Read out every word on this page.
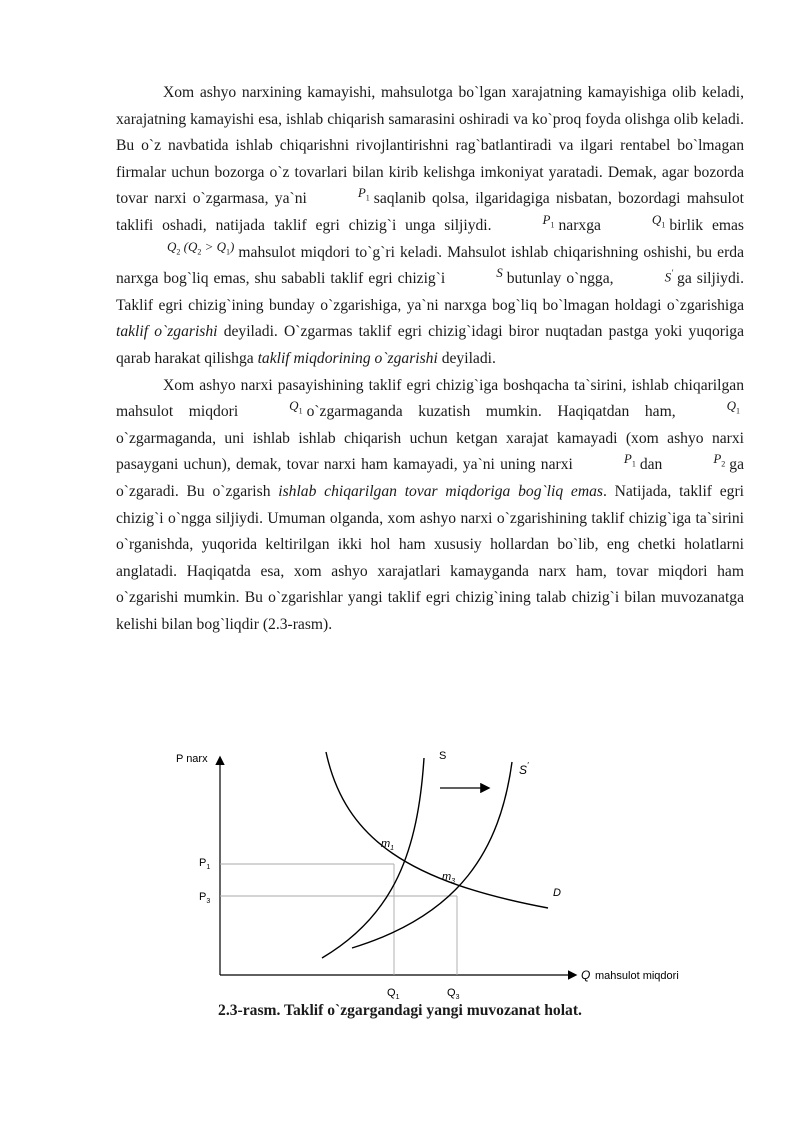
Xom ashyo narxining kamayishi, mahsulotga bo`lgan xarajatning kamayishiga olib keladi, xarajatning kamayishi esa, ishlab chiqarish samarasini oshiradi va ko`proq foyda olishga olib keladi. Bu o`z navbatida ishlab chiqarishni rivojlantirishni rag`batlantiradi va ilgari rentabel bo`lmagan firmalar uchun bozorga o`z tovarlari bilan kirib kelishga imkoniyat yaratadi. Demak, agar bozorda tovar narxi o`zgarmasa, ya`ni	$P_1$ saqlanib qolsa, ilgaridagiga nisbatan, bozordagi mahsulot taklifi oshadi, natijada taklif egri chizig`i unga siljiydi.	$P_1$ narxga	$Q_1$ birlik emasQ$_2$ $(Q_2 > Q_1)$ mahsulot miqdori to`g`ri keladi. Mahsulot ishlab chiqarishning oshishi, bu erda narxga bog`liq emas, shu sababli taklif egri chizig`i	S butunlay o`ngga,	S′ ga siljiydi. Taklif egri chizig`ining bunday o`zgarishiga, ya`ni narxga bog`liq bo`lmagan holdagi o`zgarishiga taklif o`zgarishi deyiladi. O`zgarmas taklif egri chizig`idagi biror nuqtadan pastga yoki yuqoriga qarab harakat qilishga taklif miqdorining o`zgarishi deyiladi.

Xom ashyo narxi pasayishining taklif egri chizig`iga boshqacha ta`sirini, ishlab chiqarilgan mahsulot miqdori	$Q_1$ o`zgarmaganda kuzatish mumkin. Haqiqatdan ham,	$Q_1o`zgarmaganda$, uni ishlab ishlab chiqarish uchun ketgan xarajat kamayadi (xom ashyo narxi pasaygani uchun), demak, tovar narxi ham kamayadi, ya`ni uning narxi	$P_1$ dan	$P_2$ ga o`zgaradi. Bu o`zgarish ishlab chiqarilgan tovar miqdoriga bog`liq emas. Natijada, taklif egri chizig`i o`ngga siljiydi. Umuman olganda, xom ashyo narxi o`zgarishining taklif chizig`iga ta`sirini o`rganishda, yuqorida keltirilgan ikki hol ham xususiy hollardan bo`lib, eng chetki holatlarni anglatadi. Haqiqatda esa, xom ashyo xarajatlari kamayganda narx ham, tovar miqdori ham o`zgarishi mumkin. Bu o`zgarishlar yangi taklif egri chizig`ining talab chizig`i bilan muvozanatga kelishi bilan bog`liqdir (2.3-rasm).

P narx
Q mahsulot miqdori
S
S′
D
$m_1$
$m_3$
$P_1$
$P_3$
$Q_1$	$Q_3$
2.3-rasm. Taklif o`zgargandagi yangi muvozanat holat.
